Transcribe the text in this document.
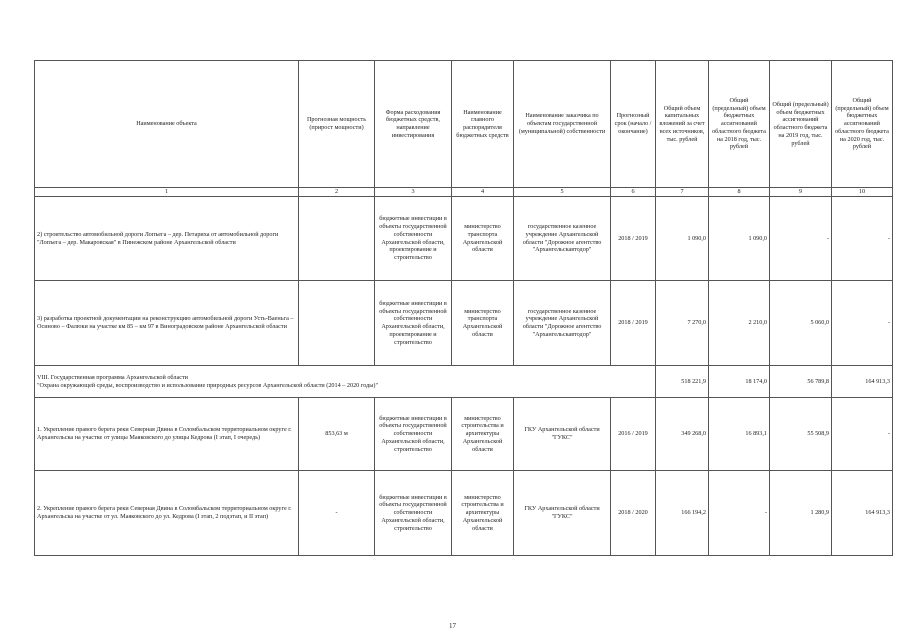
Наименование объекта	Прогнозная мощность (прирост мощности)	Форма расходования бюджетных средств, направление инвестирования	Наименование главного распорядителя бюджетных средств	Наименование заказчика по объектам государственной (муниципальной) собственности	Прогнозный срок (начало / окончание)	Общий объем капитальных вложений за счет всех источников, тыс. рублей	Общий (предельный) объем бюджетных ассигнований областного бюджета на 2018 год, тыс. рублей	Общий (предельный) объем бюджетных ассигнований областного бюджета на 2019 год, тыс. рублей	Общий (предельный) объем бюджетных ассигнований областного бюджета на 2020 год, тыс. рублей
1	2	3	4	5	6	7	8	9	10
2) строительство автомобильной дороги Лопъега – дер. Петариха от автомобильной дороги "Лопъега – дер. Макаровская" в Пинежском районе Архангельской области		бюджетные инвестиции в объекты государственной собственности Архангельской области, проектирование и строительство	министерство транспорта Архангельской области	государственное казенное учреждение Архангельской области "Дорожное агентство "Архангельскавтодор"	2018 / 2019	1 090,0	1 090,0	-	-
3) разработка проектной документации на реконструкцию автомобильной дороги Усть-Ваеньга – Осиново – Фалюки на участке км 85 – км 97 в Виноградовском районе Архангельской области		бюджетные инвестиции в объекты государственной собственности Архангельской области, проектирование и строительство	министерство транспорта Архангельской области	государственное казенное учреждение Архангельской области "Дорожное агентство "Архангельскавтодор"	2018 / 2019	7 270,0	2 210,0	5 060,0	-

VIII. Государственная программа Архангельской области
"Охрана окружающей среды, воспроизводство и использование природных ресурсов Архангельской области (2014 – 2020 годы)"						518 221,9	18 174,0	56 789,8	164 913,3
1. Укрепление правого берега реки Северная Двина в Соломбальском территориальном округе г. Архангельска на участке от улицы Маяковского до улицы Кедрова (I этап, I очередь)	853,63 м	бюджетные инвестиции в объекты государственной собственности Архангельской области, строительство	министерство строительства и архитектуры Архангельской области	ГКУ Архангельской области "ГУКС"	2016 / 2019	349 268,0	16 893,1	55 508,9	-
2. Укрепление правого берега реки Северная Двина в Соломбальском территориальном округе г. Архангельска на участке от ул. Маяковского до ул. Кедрова (I этап, 2 подэтап, и II этап)	-	бюджетные инвестиции в объекты государственной собственности Архангельской области, строительство	министерство строительства и архитектуры Архангельской области	ГКУ Архангельской области "ГУКС"	2018 / 2020	166 194,2	-	1 280,9	164 913,3
17
